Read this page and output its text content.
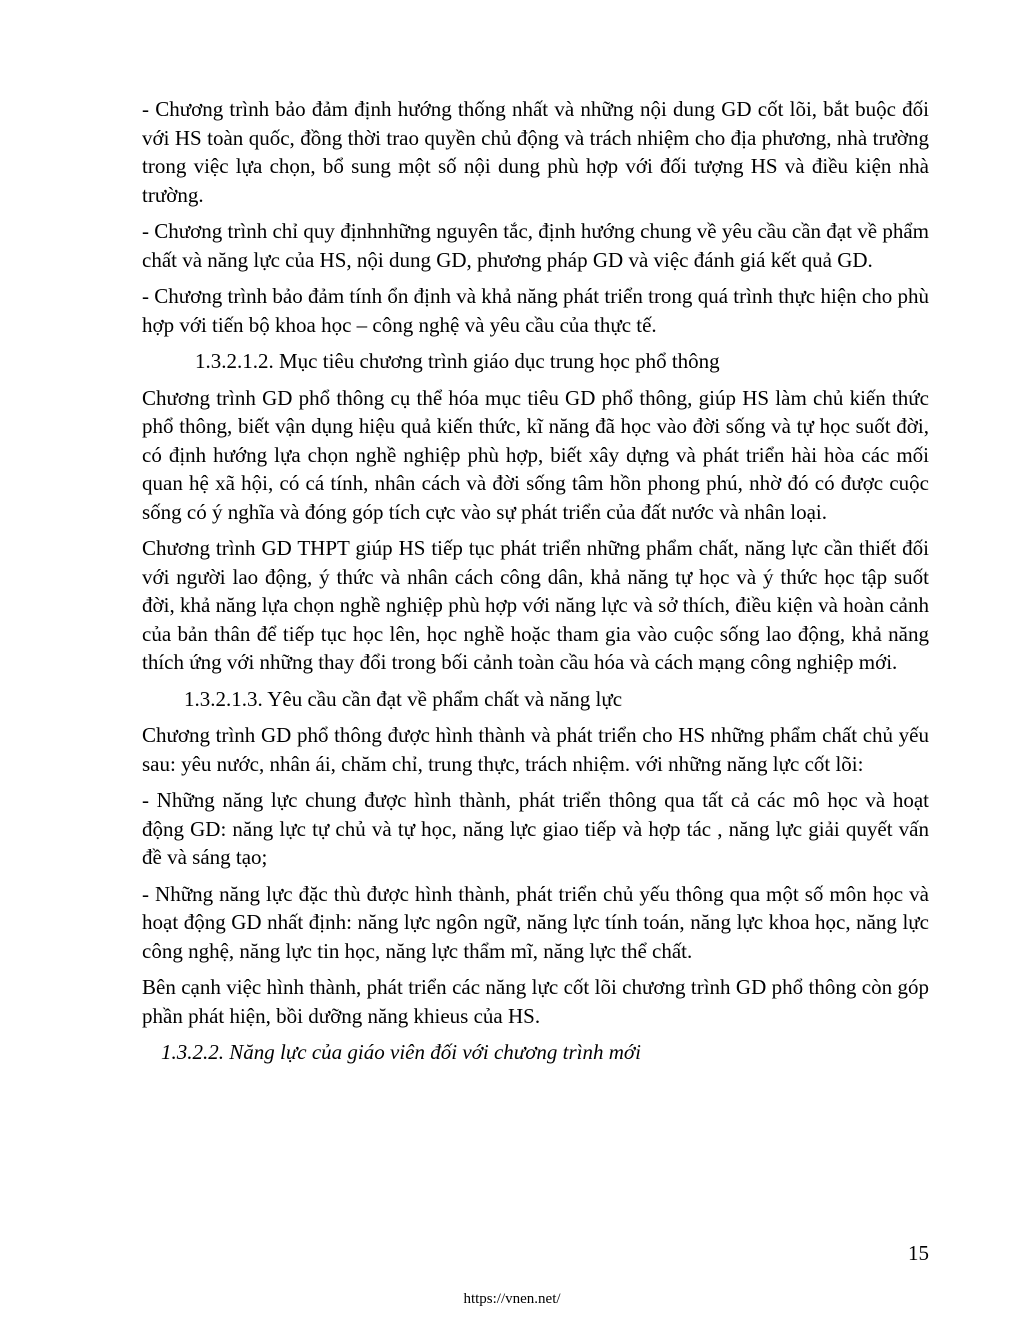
- Chương trình bảo đảm định hướng thống nhất và những nội dung GD cốt lõi, bắt buộc đối với HS toàn quốc, đồng thời trao quyền chủ động và trách nhiệm cho địa phương, nhà trường trong việc lựa chọn, bổ sung một số nội dung phù hợp với đối tượng HS và điều kiện nhà trường.

- Chương trình chỉ quy địnhnhững nguyên tắc, định hướng chung về yêu cầu cần đạt về phẩm chất và năng lực của HS, nội dung GD, phương pháp GD và việc đánh giá kết quả GD.

- Chương trình bảo đảm tính ổn định và khả năng phát triển trong quá trình thực hiện cho phù hợp với tiến bộ khoa học – công nghệ và yêu cầu của thực tế.

1.3.2.1.2. Mục tiêu chương trình giáo dục trung học phổ thông

Chương trình GD phổ thông cụ thể hóa mục tiêu GD phổ thông, giúp HS làm chủ kiến thức phổ thông, biết vận dụng hiệu quả kiến thức, kĩ năng đã học vào đời sống và tự học suốt đời, có định hướng lựa chọn nghề nghiệp phù hợp, biết xây dựng và phát triển hài hòa các mối quan hệ xã hội, có cá tính, nhân cách và đời sống tâm hồn phong phú, nhờ đó có được cuộc sống có ý nghĩa và đóng góp tích cực vào sự phát triển của đất nước và nhân loại.

Chương trình GD THPT giúp HS tiếp tục phát triển những phẩm chất, năng lực cần thiết đối với người lao động, ý thức và nhân cách công dân, khả năng tự học và ý thức học tập suốt đời, khả năng lựa chọn nghề nghiệp phù hợp với năng lực và sở thích, điều kiện và hoàn cảnh của bản thân để tiếp tục học lên, học nghề hoặc tham gia vào cuộc sống lao động, khả năng thích ứng với những thay đổi trong bối cảnh toàn cầu hóa và cách mạng công nghiệp mới.

1.3.2.1.3. Yêu cầu cần đạt về phẩm chất và năng lực

Chương trình GD phổ thông được hình thành và phát triển cho HS những phẩm chất chủ yếu sau: yêu nước, nhân ái, chăm chỉ, trung thực, trách nhiệm. với những năng lực cốt lõi:

- Những năng lực chung được hình thành, phát triển thông qua tất cả các mô học và hoạt động GD: năng lực tự chủ và tự học, năng lực giao tiếp và hợp tác , năng lực giải quyết vấn đề và sáng tạo;

- Những năng lực đặc thù được hình thành, phát triển chủ yếu thông qua một số môn học và hoạt động GD nhất định: năng lực ngôn ngữ, năng lực tính toán, năng lực khoa học, năng lực công nghệ, năng lực tin học, năng lực thẩm mĩ, năng lực thể chất.

Bên cạnh việc hình thành, phát triển các năng lực cốt lõi chương trình GD phổ thông còn góp phần phát hiện, bồi dưỡng năng khieus của HS.

1.3.2.2. Năng lực của giáo viên đối với chương trình mới

15
https://vnen.net/
